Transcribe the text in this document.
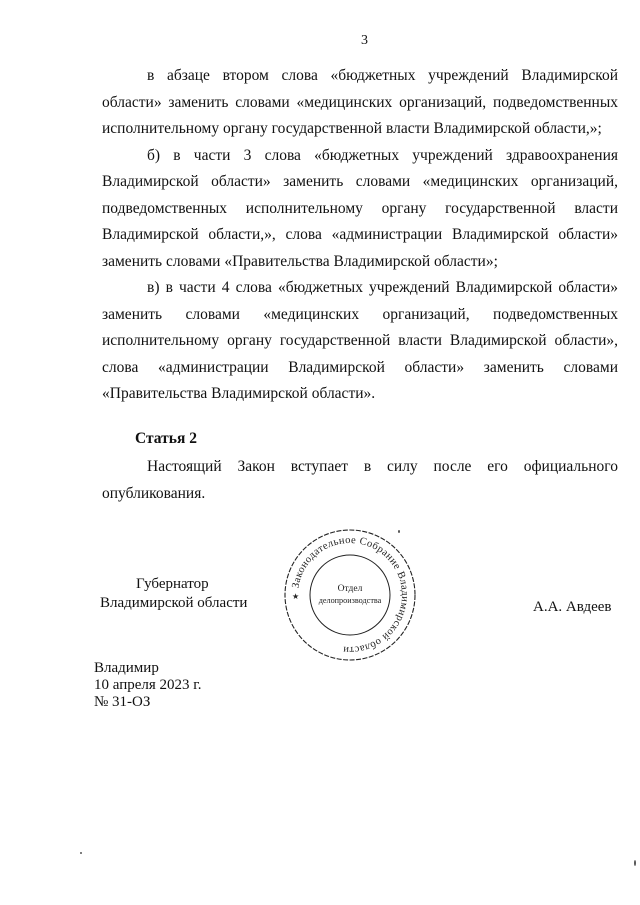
3

в абзаце втором слова «бюджетных учреждений Владимирской области» заменить словами «медицинских организаций, подведомственных исполнительному органу государственной власти Владимирской области,»;

б) в части 3 слова «бюджетных учреждений здравоохранения Владимирской области» заменить словами «медицинских организаций, подведомственных исполнительному органу государственной власти Владимирской области,», слова «администрации Владимирской области» заменить словами «Правительства Владимирской области»;

в) в части 4 слова «бюджетных учреждений Владимирской области» заменить словами «медицинских организаций, подведомственных исполнительному органу государственной власти Владимирской области», слова «администрации Владимирской области» заменить словами «Правительства Владимирской области».

Статья 2

Настоящий Закон вступает в силу после его официального опубликования.

Губернатор
Владимирской области
Законодательное Собрание Владимирской области
★
Отдел
делопроизводства	А.А. Авдеев
Владимир
10 апреля 2023 г.
№ 31-ОЗ
